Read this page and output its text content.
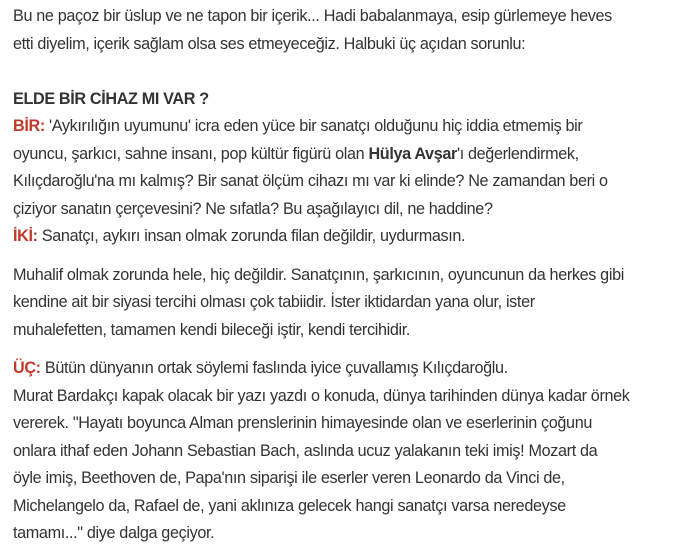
Bu ne paçoz bir üslup ve ne tapon bir içerik... Hadi babalanmaya, esip gürlemeye heves

etti diyelim, içerik sağlam olsa ses etmeyeceğiz. Halbuki üç açıdan sorunlu:

ELDE BİR CİHAZ MI VAR ?

BİR: 'Aykırılığın uyumunu' icra eden yüce bir sanatçı olduğunu hiç iddia etmemiş bir

oyuncu, şarkıcı, sahne insanı, pop kültür figürü olan Hülya Avşar'ı değerlendirmek,

Kılıçdaroğlu'na mı kalmış? Bir sanat ölçüm cihazı mı var ki elinde? Ne zamandan beri o

çiziyor sanatın çerçevesini? Ne sıfatla? Bu aşağılayıcı dil, ne haddine?

İKİ: Sanatçı, aykırı insan olmak zorunda filan değildir, uydurmasın.

Muhalif olmak zorunda hele, hiç değildir. Sanatçının, şarkıcının, oyuncunun da herkes gibi

kendine ait bir siyasi tercihi olması çok tabiidir. İster iktidardan yana olur, ister

muhalefetten, tamamen kendi bileceği iştir, kendi tercihidir.

ÜÇ: Bütün dünyanın ortak söylemi faslında iyice çuvallamış Kılıçdaroğlu.

Murat Bardakçı kapak olacak bir yazı yazdı o konuda, dünya tarihinden dünya kadar örnek

vererek. "Hayatı boyunca Alman prenslerinin himayesinde olan ve eserlerinin çoğunu

onlara ithaf eden Johann Sebastian Bach, aslında ucuz yalakanın teki imiş! Mozart da

öyle imiş, Beethoven de, Papa'nın siparişi ile eserler veren Leonardo da Vinci de,

Michelangelo da, Rafael de, yani aklınıza gelecek hangi sanatçı varsa neredeyse

tamamı..." diye dalga geçiyor.
